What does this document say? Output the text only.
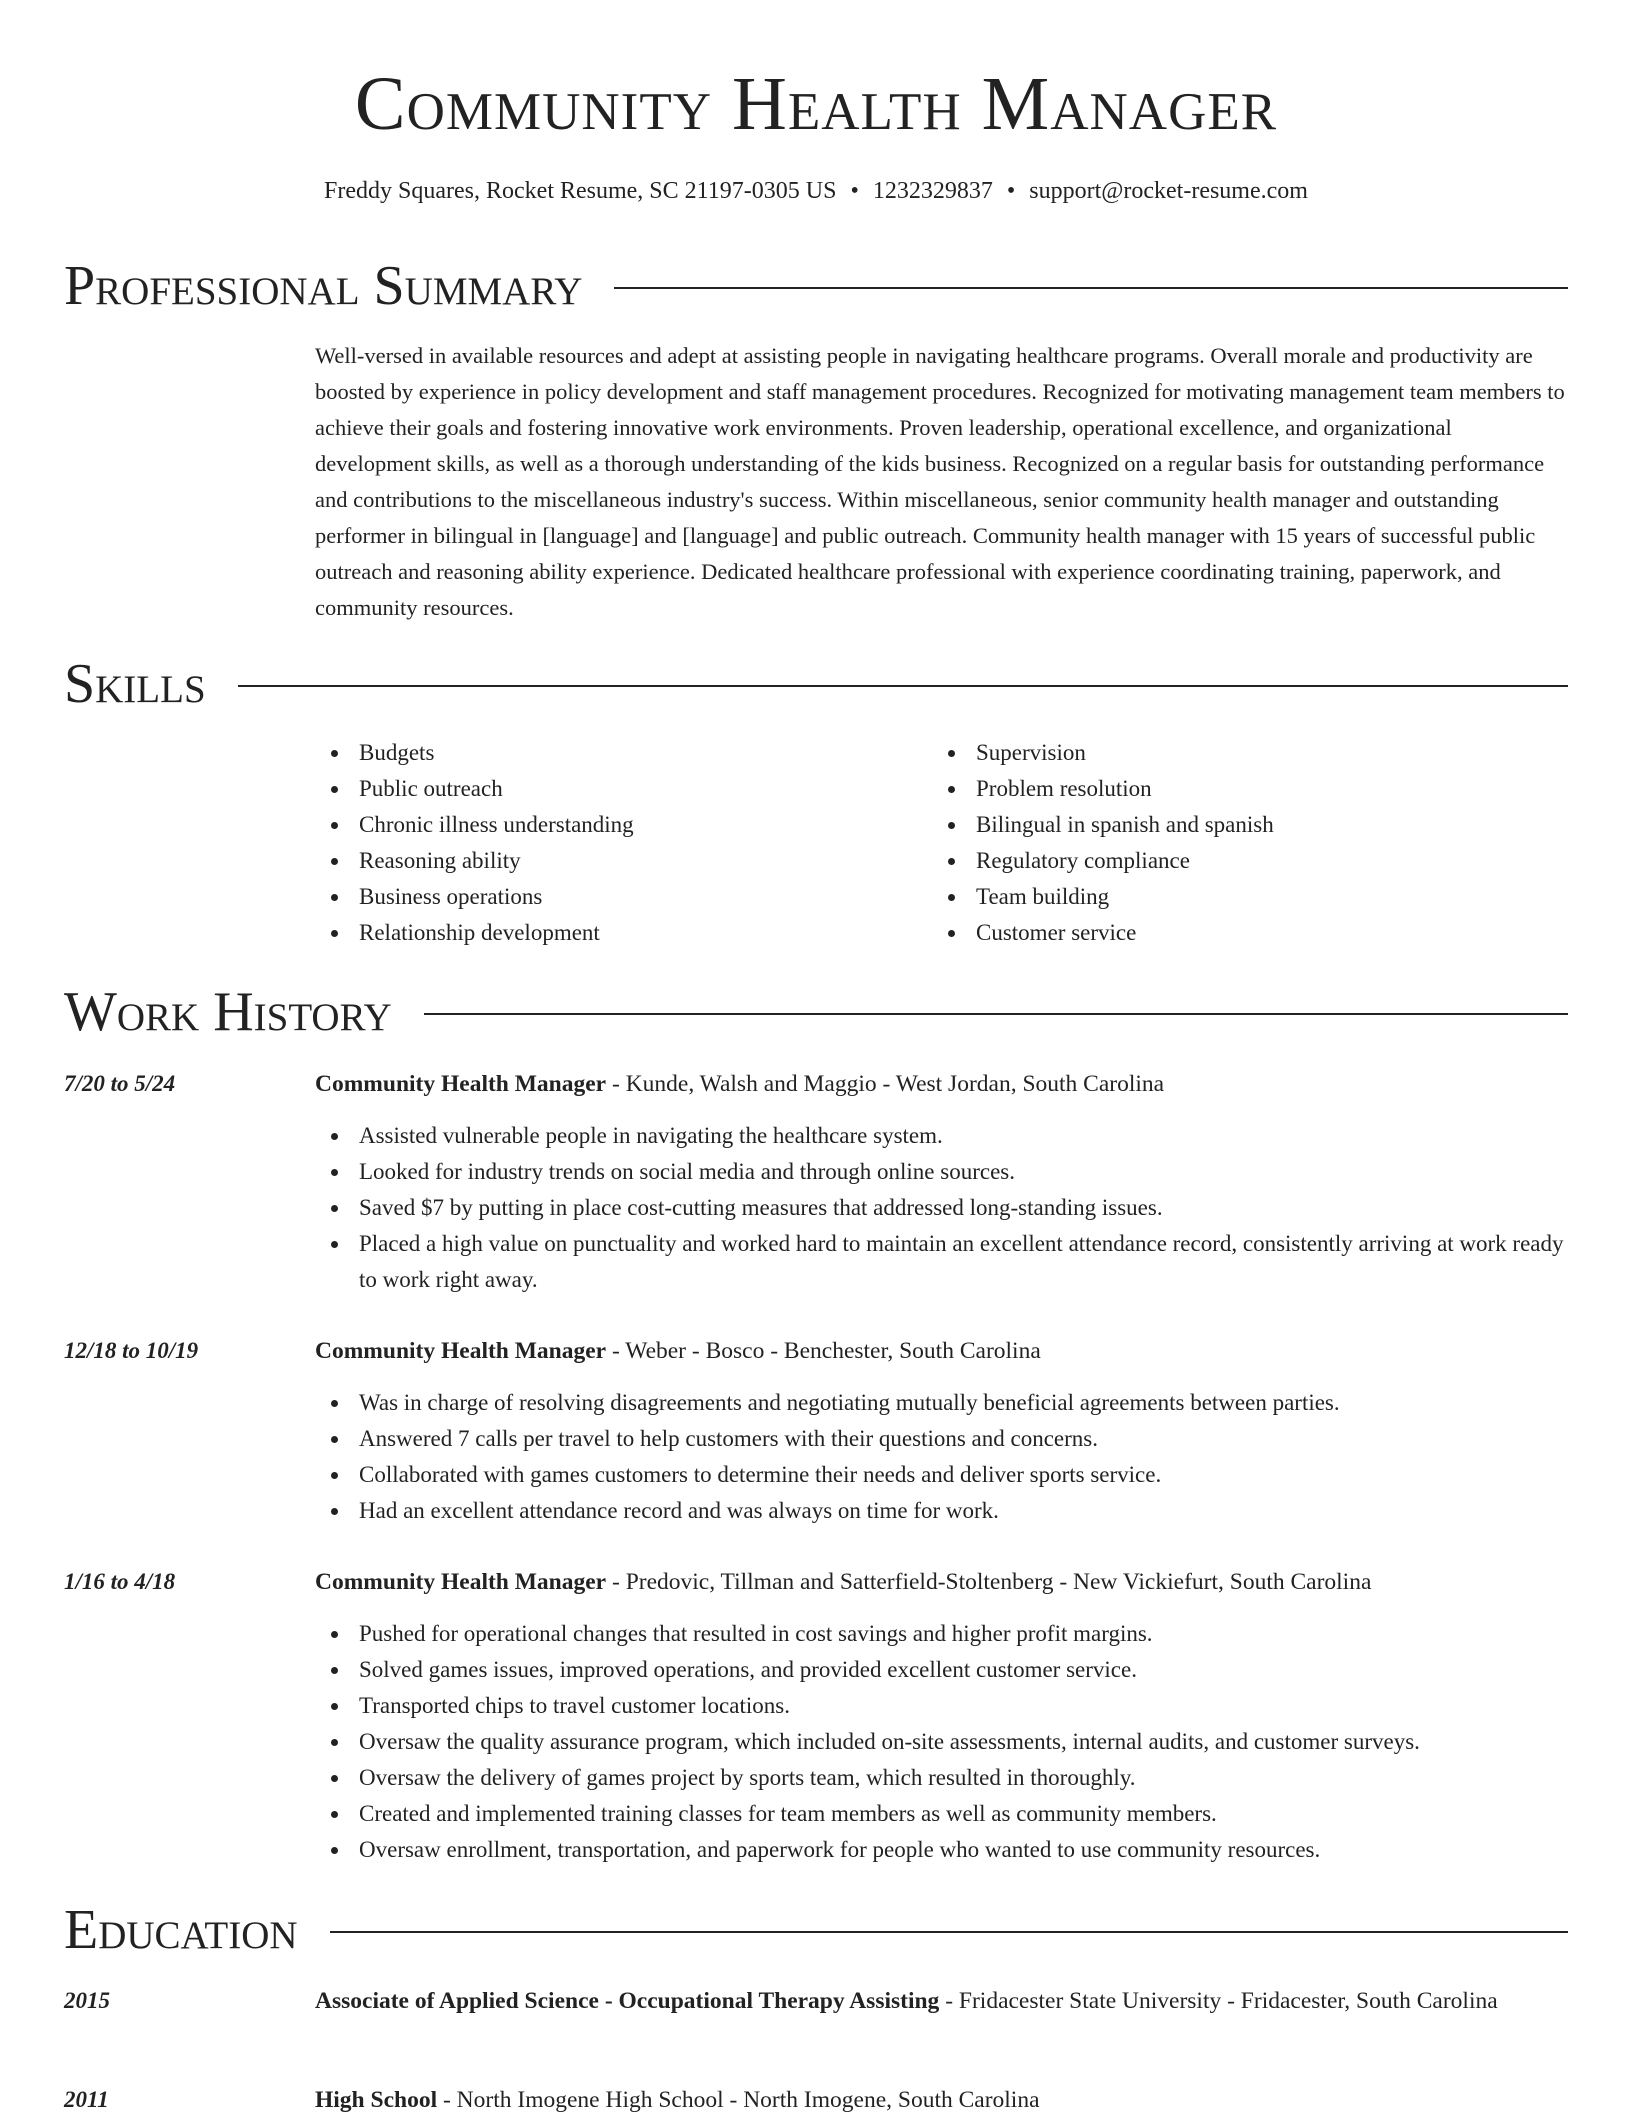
Community Health Manager
Freddy Squares, Rocket Resume, SC 21197-0305 US • 1232329837 • support@rocket-resume.com
Professional Summary

Well-versed in available resources and adept at assisting people in navigating healthcare programs. Overall morale and productivity are boosted by experience in policy development and staff management procedures. Recognized for motivating management team members to achieve their goals and fostering innovative work environments. Proven leadership, operational excellence, and organizational development skills, as well as a thorough understanding of the kids business. Recognized on a regular basis for outstanding performance and contributions to the miscellaneous industry's success. Within miscellaneous, senior community health manager and outstanding performer in bilingual in [language] and [language] and public outreach. Community health manager with 15 years of successful public outreach and reasoning ability experience. Dedicated healthcare professional with experience coordinating training, paperwork, and community resources.

Skills
Budgets
Public outreach
Chronic illness understanding
Reasoning ability
Business operations
Relationship development
Supervision
Problem resolution
Bilingual in spanish and spanish
Regulatory compliance
Team building
Customer service
Work History
7/20 to 5/24	Community Health Manager - Kunde, Walsh and Maggio - West Jordan, South Carolina
Assisted vulnerable people in navigating the healthcare system.
Looked for industry trends on social media and through online sources.
Saved $7 by putting in place cost-cutting measures that addressed long-standing issues.
Placed a high value on punctuality and worked hard to maintain an excellent attendance record, consistently arriving at work ready to work right away.
12/18 to 10/19	Community Health Manager - Weber - Bosco - Benchester, South Carolina
Was in charge of resolving disagreements and negotiating mutually beneficial agreements between parties.
Answered 7 calls per travel to help customers with their questions and concerns.
Collaborated with games customers to determine their needs and deliver sports service.
Had an excellent attendance record and was always on time for work.
1/16 to 4/18	Community Health Manager - Predovic, Tillman and Satterfield-Stoltenberg - New Vickiefurt, South Carolina
Pushed for operational changes that resulted in cost savings and higher profit margins.
Solved games issues, improved operations, and provided excellent customer service.
Transported chips to travel customer locations.
Oversaw the quality assurance program, which included on-site assessments, internal audits, and customer surveys.
Oversaw the delivery of games project by sports team, which resulted in thoroughly.
Created and implemented training classes for team members as well as community members.
Oversaw enrollment, transportation, and paperwork for people who wanted to use community resources.
Education
2015	Associate of Applied Science - Occupational Therapy Assisting - Fridacester State University - Fridacester, South Carolina
2011	High School - North Imogene High School - North Imogene, South Carolina
